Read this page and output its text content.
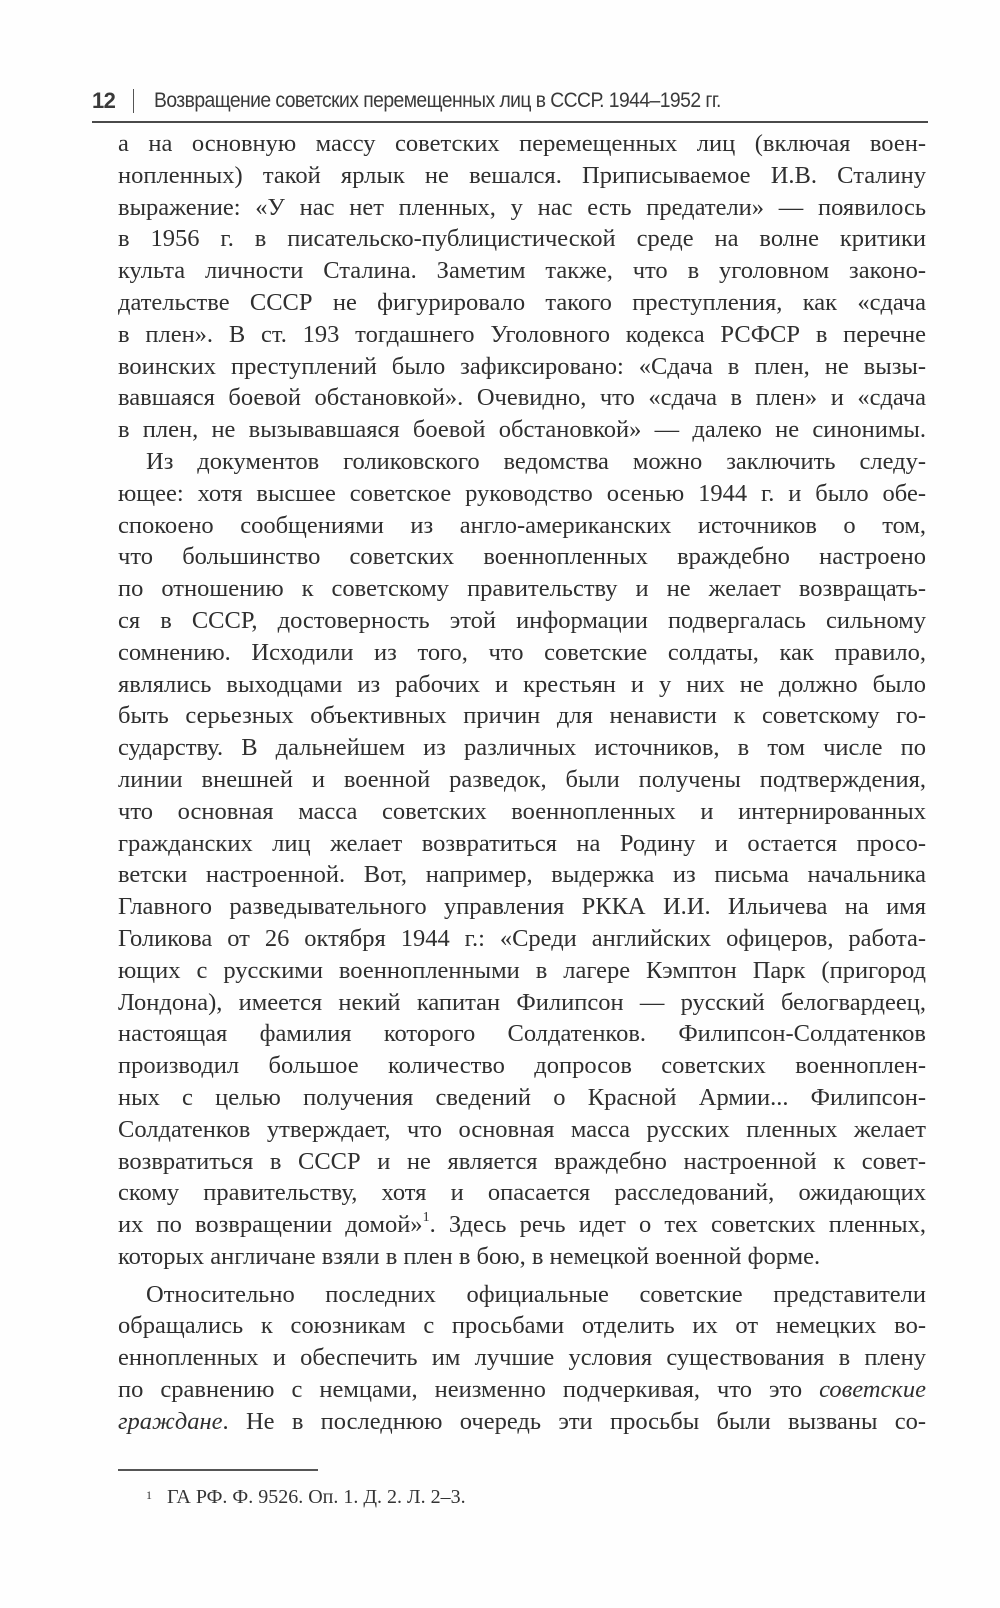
12 Возвращение советских перемещенных лиц в СССР. 1944–1952 гг.
а на основную массу советских перемещенных лиц (включая воен-
нопленных) такой ярлык не вешался. Приписываемое И.В. Сталину
выражение: «У нас нет пленных, у нас есть предатели» — появилось
в 1956 г. в писательско-публицистической среде на волне критики
культа личности Сталина. Заметим также, что в уголовном законо-
дательстве СССР не фигурировало такого преступления, как «сдача
в плен». В ст. 193 тогдашнего Уголовного кодекса РСФСР в перечне
воинских преступлений было зафиксировано: «Сдача в плен, не вызы-
вавшаяся боевой обстановкой». Очевидно, что «сдача в плен» и «сдача
в плен, не вызывавшаяся боевой обстановкой» — далеко не синонимы.
Из документов голиковского ведомства можно заключить следу-
ющее: хотя высшее советское руководство осенью 1944 г. и было обе-
спокоено сообщениями из англо-американских источников о том,
что большинство советских военнопленных враждебно настроено
по отношению к советскому правительству и не желает возвращать-
ся в СССР, достоверность этой информации подвергалась сильному
сомнению. Исходили из того, что советские солдаты, как правило,
являлись выходцами из рабочих и крестьян и у них не должно было
быть серьезных объективных причин для ненависти к советскому го-
сударству. В дальнейшем из различных источников, в том числе по
линии внешней и военной разведок, были получены подтверждения,
что основная масса советских военнопленных и интернированных
гражданских лиц желает возвратиться на Родину и остается просо-
ветски настроенной. Вот, например, выдержка из письма начальника
Главного разведывательного управления РККА И.И. Ильичева на имя
Голикова от 26 октября 1944 г.: «Среди английских офицеров, работа-
ющих с русскими военнопленными в лагере Кэмптон Парк (пригород
Лондона), имеется некий капитан Филипсон — русский белогвардеец,
настоящая фамилия которого Солдатенков. Филипсон-Солдатенков
производил большое количество допросов советских военноплен-
ных с целью получения сведений о Красной Армии... Филипсон-
Солдатенков утверждает, что основная масса русских пленных желает
возвратиться в СССР и не является враждебно настроенной к совет-
скому правительству, хотя и опасается расследований, ожидающих
их по возвращении домой»$^1$. Здесь речь идет о тех советских пленных,
которых англичане взяли в плен в бою, в немецкой военной форме.
Относительно последних официальные советские представители
обращались к союзникам с просьбами отделить их от немецких во-
еннопленных и обеспечить им лучшие условия существования в плену
по сравнению с немцами, неизменно подчеркивая, что это советские
гражданe. Не в последнюю очередь эти просьбы были вызваны со-
$^1$ ГА РФ. Ф. 9526. Оп. 1. Д. 2. Л. 2–3.
